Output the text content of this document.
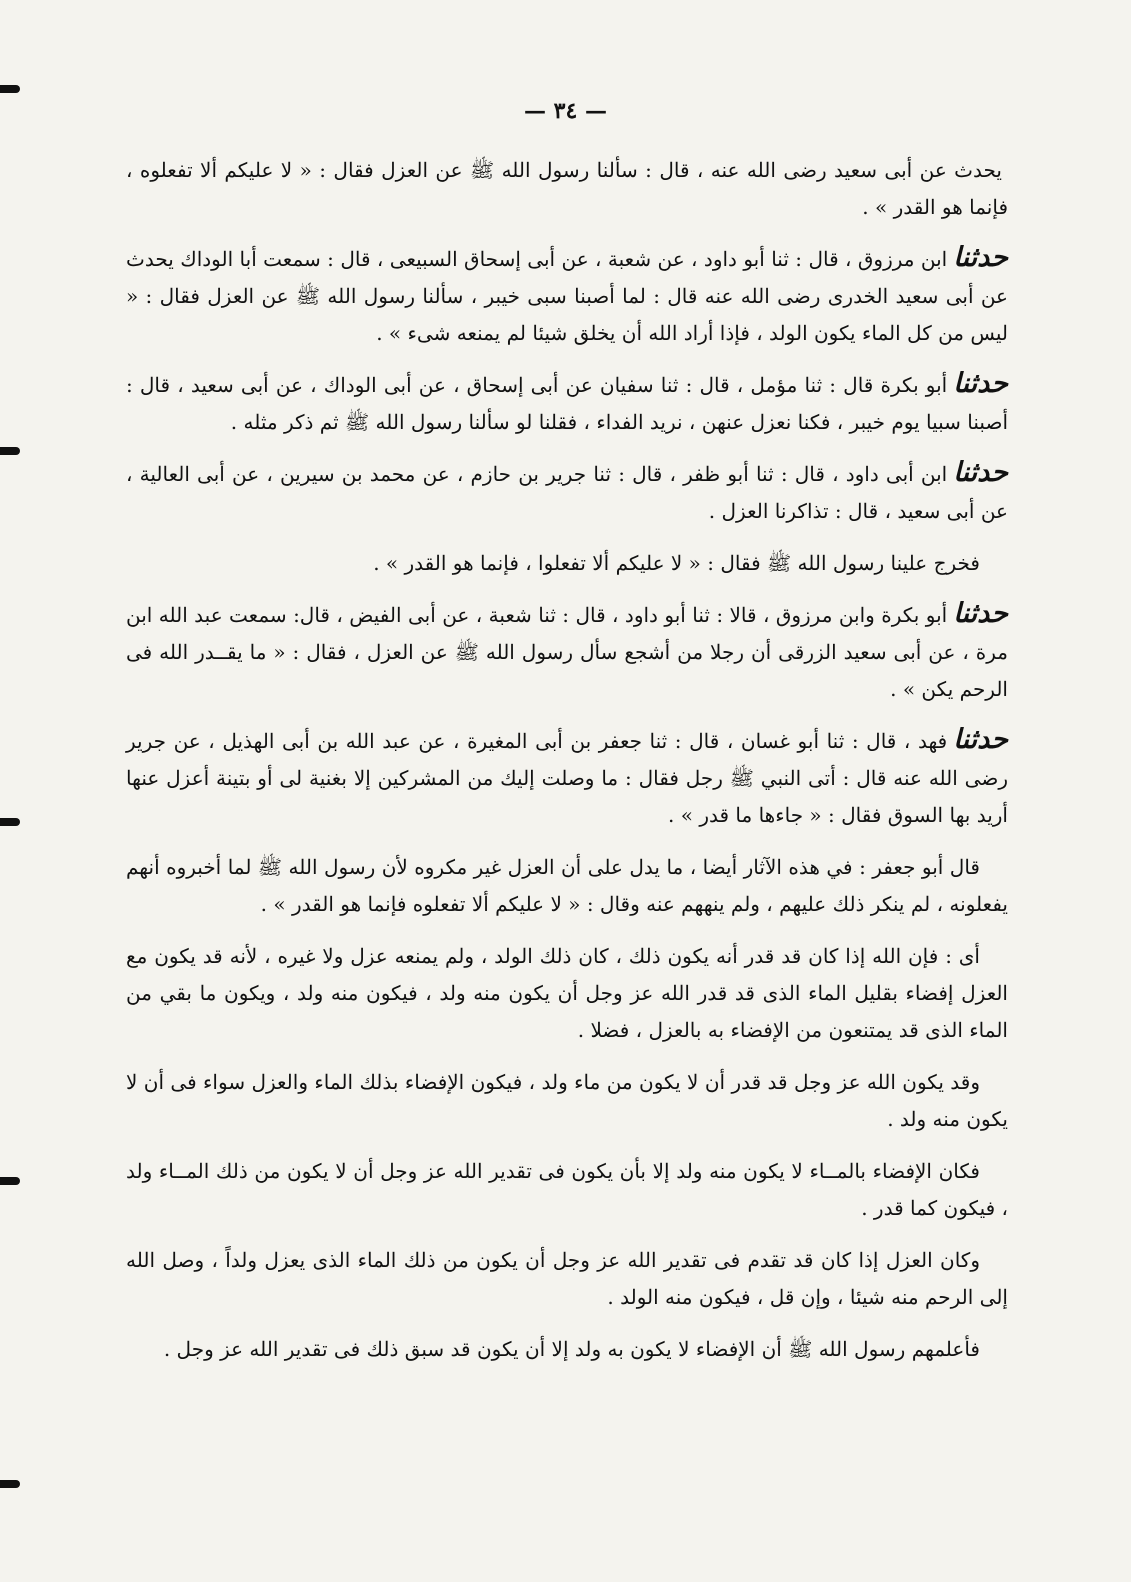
— ٣٤ —

يحدث عن أبى سعيد رضى الله عنه ، قال : سألنا رسول الله ﷺ عن العزل فقال : « لا عليكم ألا تفعلوه ، فإنما هو القدر » .

حدثناابن مرزوق ، قال : ثنا أبو داود ، عن شعبة ، عن أبى إسحاق السبيعى ، قال : سمعت أبا الوداك يحدث عن أبى سعيد الخدرى رضى الله عنه قال : لما أصبنا سبى خيبر ، سألنا رسول الله ﷺ عن العزل فقال : « ليس من كل الماء يكون الولد ، فإذا أراد الله أن يخلق شيئا لم يمنعه شىء » .

حدثناأبو بكرة قال : ثنا مؤمل ، قال : ثنا سفيان عن أبى إسحاق ، عن أبى الوداك ، عن أبى سعيد ، قال : أصبنا سبيا يوم خيبر ، فكنا نعزل عنهن ، نريد الفداء ، فقلنا لو سألنا رسول الله ﷺ ثم ذكر مثله .

حدثناابن أبى داود ، قال : ثنا أبو ظفر ، قال : ثنا جرير بن حازم ، عن محمد بن سيرين ، عن أبى العالية ، عن أبى سعيد ، قال : تذاكرنا العزل .

فخرج علينا رسول الله ﷺ فقال : « لا عليكم ألا تفعلوا ، فإنما هو القدر » .

حدثناأبو بكرة وابن مرزوق ، قالا : ثنا أبو داود ، قال : ثنا شعبة ، عن أبى الفيض ، قال: سمعت عبد الله ابن مرة ، عن أبى سعيد الزرقى أن رجلا من أشجع سأل رسول الله ﷺ عن العزل ، فقال : « ما يقــدر الله فى الرحم يكن » .

حدثنافهد ، قال : ثنا أبو غسان ، قال : ثنا جعفر بن أبى المغيرة ، عن عبد الله بن أبى الهذيل ، عن جرير رضى الله عنه قال : أتى النبي ﷺ رجل فقال : ما وصلت إليك من المشركين إلا بغنية لى أو بتينة أعزل عنها أريد بها السوق فقال : « جاءها ما قدر » .

قال أبو جعفر : في هذه الآثار أيضا ، ما يدل على أن العزل غير مكروه لأن رسول الله ﷺ لما أخبروه أنهم يفعلونه ، لم ينكر ذلك عليهم ، ولم ينههم عنه وقال : « لا عليكم ألا تفعلوه فإنما هو القدر » .

أى : فإن الله إذا كان قد قدر أنه يكون ذلك ، كان ذلك الولد ، ولم يمنعه عزل ولا غيره ، لأنه قد يكون مع العزل إفضاء بقليل الماء الذى قد قدر الله عز وجل أن يكون منه ولد ، فيكون منه ولد ، ويكون ما بقي من الماء الذى قد يمتنعون من الإفضاء به بالعزل ، فضلا .

وقد يكون الله عز وجل قد قدر أن لا يكون من ماء ولد ، فيكون الإفضاء بذلك الماء والعزل سواء فى أن لا يكون منه ولد .

فكان الإفضاء بالمــاء لا يكون منه ولد إلا بأن يكون فى تقدير الله عز وجل أن لا يكون من ذلك المــاء ولد ، فيكون كما قدر .

وكان العزل إذا كان قد تقدم فى تقدير الله عز وجل أن يكون من ذلك الماء الذى يعزل ولداً ، وصل الله إلى الرحم منه شيئا ، وإن قل ، فيكون منه الولد .

فأعلمهم رسول الله ﷺ أن الإفضاء لا يكون به ولد إلا أن يكون قد سبق ذلك فى تقدير الله عز وجل .
